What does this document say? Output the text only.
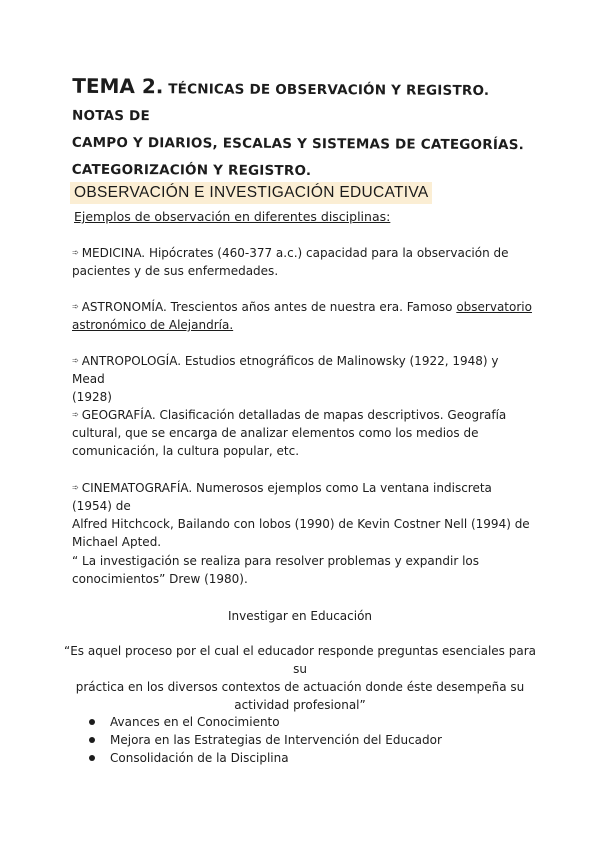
TEMA 2. TÉCNICAS DE OBSERVACIÓN Y REGISTRO. NOTAS DE
CAMPO Y DIARIOS, ESCALAS Y SISTEMAS DE CATEGORÍAS.
CATEGORIZACIÓN Y REGISTRO.
OBSERVACIÓN E INVESTIGACIÓN EDUCATIVA
Ejemplos de observación en diferentes disciplinas:
➾ MEDICINA. Hipócrates (460-377 a.c.) capacidad para la observación de
pacientes y de sus enfermedades.
➾ ASTRONOMÍA. Trescientos años antes de nuestra era. Famoso observatorio
astronómico de Alejandría.
➾ ANTROPOLOGÍA. Estudios etnográficos de Malinowsky (1922, 1948) y Mead
(1928)
➾ GEOGRAFÍA. Clasificación detalladas de mapas descriptivos. Geografía
cultural, que se encarga de analizar elementos como los medios de
comunicación, la cultura popular, etc.
➾ CINEMATOGRAFÍA. Numerosos ejemplos como La ventana indiscreta (1954) de
Alfred Hitchcock, Bailando con lobos (1990) de Kevin Costner Nell (1994) de
Michael Apted.
“ La investigación se realiza para resolver problemas y expandir los
conocimientos” Drew (1980).
Investigar en Educación
“Es aquel proceso por el cual el educador responde preguntas esenciales para su
práctica en los diversos contextos de actuación donde éste desempeña su
actividad profesional”
Avances en el Conocimiento
Mejora en las Estrategias de Intervención del Educador
Consolidación de la Disciplina
